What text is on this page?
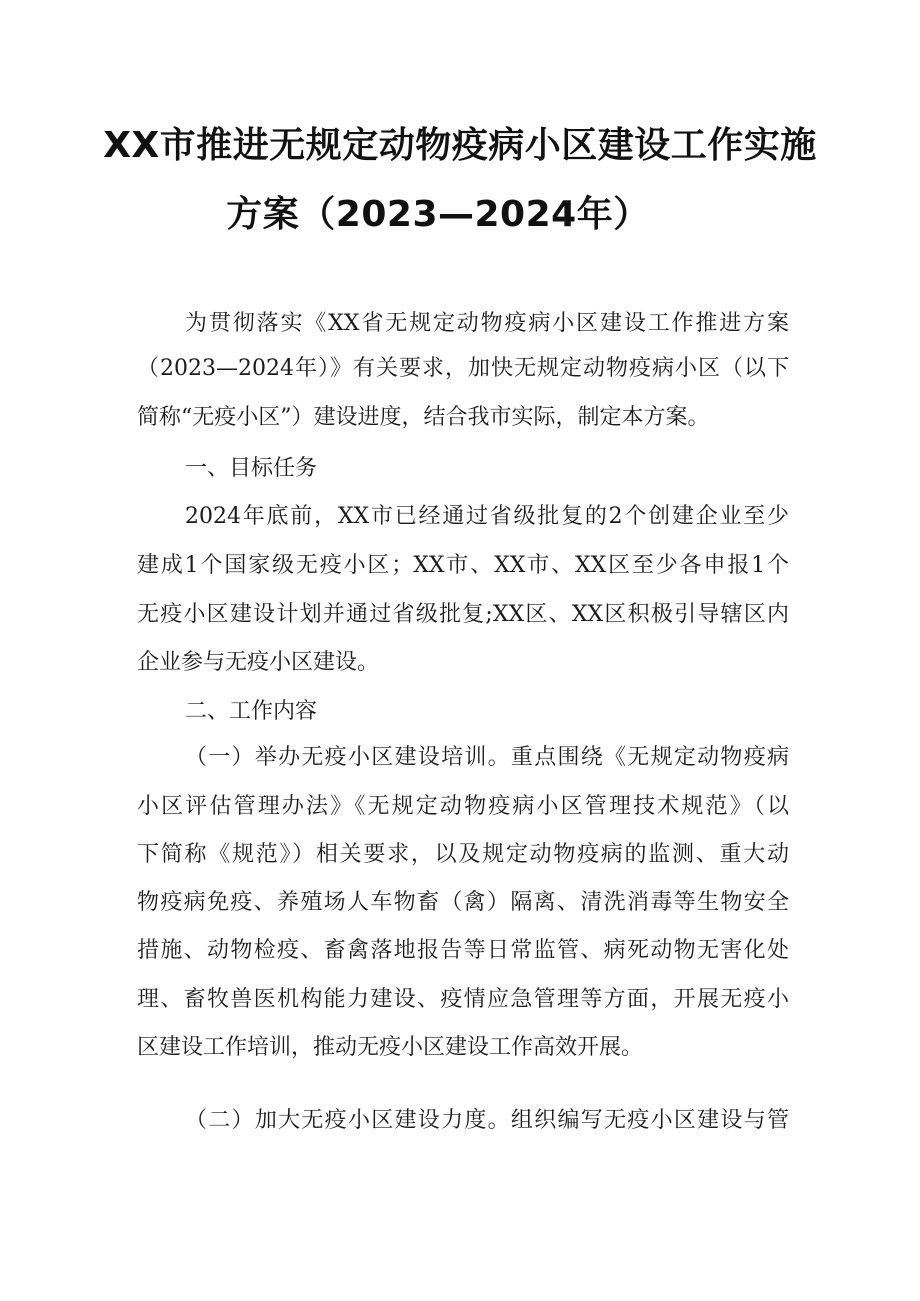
XX市推进无规定动物疫病小区建设工作实施
方案（2023—2024年）
为贯彻落实《XX省无规定动物疫病小区建设工作推进方案
（2023—2024年）》有关要求，加快无规定动物疫病小区（以下
简称“无疫小区”）建设进度，结合我市实际，制定本方案。
一、目标任务
2024年底前，XX市已经通过省级批复的2个创建企业至少
建成1个国家级无疫小区；XX市、XX市、XX区至少各申报1个
无疫小区建设计划并通过省级批复;XX区、XX区积极引导辖区内
企业参与无疫小区建设。
二、工作内容
（一）举办无疫小区建设培训。重点围绕《无规定动物疫病
小区评估管理办法》《无规定动物疫病小区管理技术规范》（以
下简称《规范》）相关要求，以及规定动物疫病的监测、重大动
物疫病免疫、养殖场人车物畜（禽）隔离、清洗消毒等生物安全
措施、动物检疫、畜禽落地报告等日常监管、病死动物无害化处
理、畜牧兽医机构能力建设、疫情应急管理等方面，开展无疫小
区建设工作培训，推动无疫小区建设工作高效开展。
（二）加大无疫小区建设力度。组织编写无疫小区建设与管
